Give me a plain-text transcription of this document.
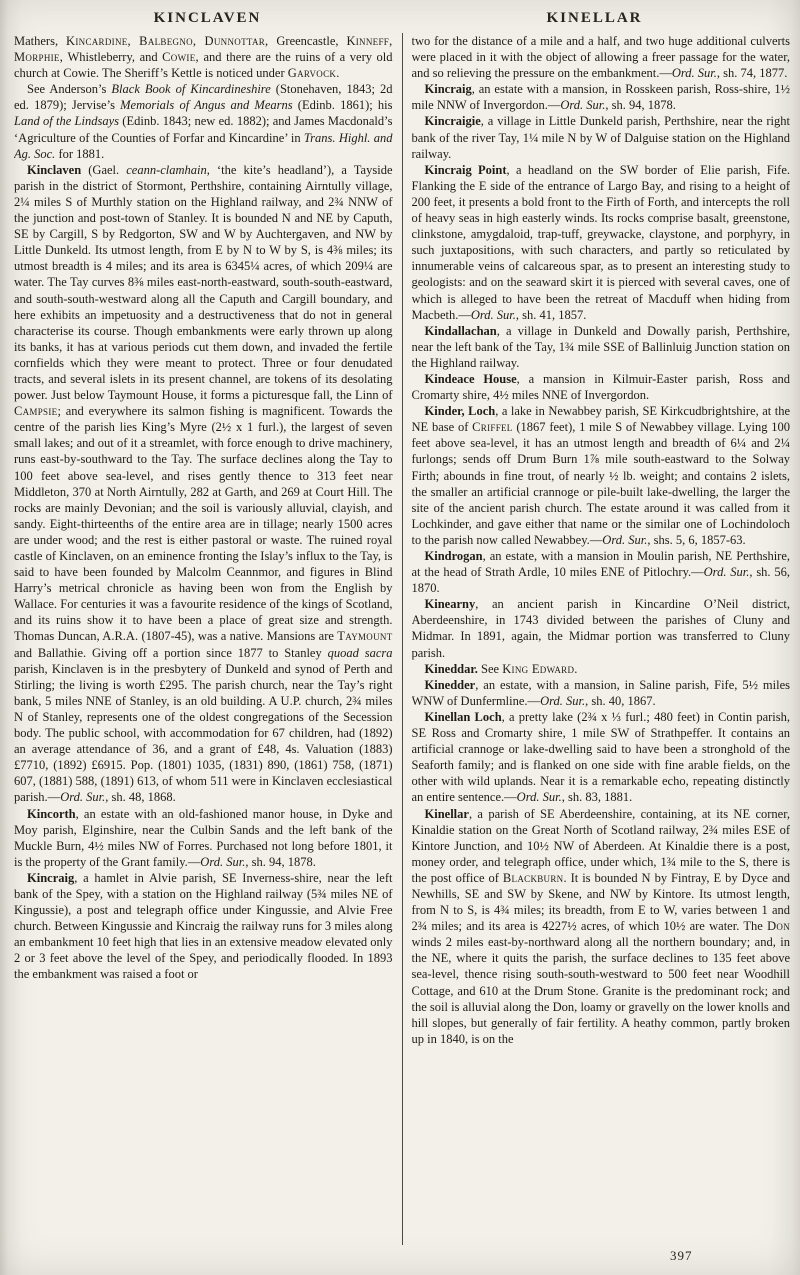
KINCLAVEN	KINELLAR

Mathers, Kincardine, Balbegno, Dunnottar, Greencastle, Kinneff, Morphie, Whistleberry, and Cowie, and there are the ruins of a very old church at Cowie. The Sheriff’s Kettle is noticed under Garvock.

See Anderson’s Black Book of Kincardineshire (Stonehaven, 1843; 2d ed. 1879); Jervise’s Memorials of Angus and Mearns (Edinb. 1861); his Land of the Lindsays (Edinb. 1843; new ed. 1882); and James Macdonald’s ‘Agriculture of the Counties of Forfar and Kincardine’ in Trans. Highl. and Ag. Soc. for 1881.

Kinclaven (Gael. ceann-clamhain, ‘the kite’s headland’), a Tayside parish in the district of Stormont, Perthshire, containing Airntully village, 2¼ miles S of Murthly station on the Highland railway, and 2¾ NNW of the junction and post-town of Stanley. It is bounded N and NE by Caputh, SE by Cargill, S by Redgorton, SW and W by Auchtergaven, and NW by Little Dunkeld. Its utmost length, from E by N to W by S, is 4⅜ miles; its utmost breadth is 4 miles; and its area is 6345¼ acres, of which 209¼ are water. The Tay curves 8⅜ miles east-north-eastward, south-south-eastward, and south-south-westward along all the Caputh and Cargill boundary, and here exhibits an impetuosity and a destructiveness that do not in general characterise its course. Though embankments were early thrown up along its banks, it has at various periods cut them down, and invaded the fertile cornfields which they were meant to protect. Three or four denudated tracts, and several islets in its present channel, are tokens of its desolating power. Just below Taymount House, it forms a picturesque fall, the Linn of Campsie; and everywhere its salmon fishing is magnificent. Towards the centre of the parish lies King’s Myre (2½ x 1 furl.), the largest of seven small lakes; and out of it a streamlet, with force enough to drive machinery, runs east-by-southward to the Tay. The surface declines along the Tay to 100 feet above sea-level, and rises gently thence to 313 feet near Middleton, 370 at North Airntully, 282 at Garth, and 269 at Court Hill. The rocks are mainly Devonian; and the soil is variously alluvial, clayish, and sandy. Eight-thirteenths of the entire area are in tillage; nearly 1500 acres are under wood; and the rest is either pastoral or waste. The ruined royal castle of Kinclaven, on an eminence fronting the Islay’s influx to the Tay, is said to have been founded by Malcolm Ceannmor, and figures in Blind Harry’s metrical chronicle as having been won from the English by Wallace. For centuries it was a favourite residence of the kings of Scotland, and its ruins show it to have been a place of great size and strength. Thomas Duncan, A.R.A. (1807-45), was a native. Mansions are Taymount and Ballathie. Giving off a portion since 1877 to Stanley quoad sacra parish, Kinclaven is in the presbytery of Dunkeld and synod of Perth and Stirling; the living is worth £295. The parish church, near the Tay’s right bank, 5 miles NNE of Stanley, is an old building. A U.P. church, 2¾ miles N of Stanley, represents one of the oldest congregations of the Secession body. The public school, with accommodation for 67 children, had (1892) an average attendance of 36, and a grant of £48, 4s. Valuation (1883) £7710, (1892) £6915. Pop. (1801) 1035, (1831) 890, (1861) 758, (1871) 607, (1881) 588, (1891) 613, of whom 511 were in Kinclaven ecclesiastical parish.—Ord. Sur., sh. 48, 1868.

Kincorth, an estate with an old-fashioned manor house, in Dyke and Moy parish, Elginshire, near the Culbin Sands and the left bank of the Muckle Burn, 4½ miles NW of Forres. Purchased not long before 1801, it is the property of the Grant family.—Ord. Sur., sh. 94, 1878.

Kincraig, a hamlet in Alvie parish, SE Inverness-shire, near the left bank of the Spey, with a station on the Highland railway (5¾ miles NE of Kingussie), a post and telegraph office under Kingussie, and Alvie Free church. Between Kingussie and Kincraig the railway runs for 3 miles along an embankment 10 feet high that lies in an extensive meadow elevated only 2 or 3 feet above the level of the Spey, and periodically flooded. In 1893 the embankment was raised a foot or

two for the distance of a mile and a half, and two huge additional culverts were placed in it with the object of allowing a freer passage for the water, and so relieving the pressure on the embankment.—Ord. Sur., sh. 74, 1877.

Kincraig, an estate with a mansion, in Rosskeen parish, Ross-shire, 1½ mile NNW of Invergordon.—Ord. Sur., sh. 94, 1878.

Kincraigie, a village in Little Dunkeld parish, Perthshire, near the right bank of the river Tay, 1¼ mile N by W of Dalguise station on the Highland railway.

Kincraig Point, a headland on the SW border of Elie parish, Fife. Flanking the E side of the entrance of Largo Bay, and rising to a height of 200 feet, it presents a bold front to the Firth of Forth, and intercepts the roll of heavy seas in high easterly winds. Its rocks comprise basalt, greenstone, clinkstone, amygdaloid, trap-tuff, greywacke, claystone, and porphyry, in such juxtapositions, with such characters, and partly so reticulated by innumerable veins of calcareous spar, as to present an interesting study to geologists: and on the seaward skirt it is pierced with several caves, one of which is alleged to have been the retreat of Macduff when hiding from Macbeth.—Ord. Sur., sh. 41, 1857.

Kindallachan, a village in Dunkeld and Dowally parish, Perthshire, near the left bank of the Tay, 1¾ mile SSE of Ballinluig Junction station on the Highland railway.

Kindeace House, a mansion in Kilmuir-Easter parish, Ross and Cromarty shire, 4½ miles NNE of Invergordon.

Kinder, Loch, a lake in Newabbey parish, SE Kirkcudbrightshire, at the NE base of Criffel (1867 feet), 1 mile S of Newabbey village. Lying 100 feet above sea-level, it has an utmost length and breadth of 6¼ and 2¼ furlongs; sends off Drum Burn 1⅞ mile south-eastward to the Solway Firth; abounds in fine trout, of nearly ½ lb. weight; and contains 2 islets, the smaller an artificial crannoge or pile-built lake-dwelling, the larger the site of the ancient parish church. The estate around it was called from it Lochkinder, and gave either that name or the similar one of Lochindoloch to the parish now called Newabbey.—Ord. Sur., shs. 5, 6, 1857-63.

Kindrogan, an estate, with a mansion in Moulin parish, NE Perthshire, at the head of Strath Ardle, 10 miles ENE of Pitlochry.—Ord. Sur., sh. 56, 1870.

Kinearny, an ancient parish in Kincardine O’Neil district, Aberdeenshire, in 1743 divided between the parishes of Cluny and Midmar. In 1891, again, the Midmar portion was transferred to Cluny parish.

Kineddar. See King Edward.

Kinedder, an estate, with a mansion, in Saline parish, Fife, 5½ miles WNW of Dunfermline.—Ord. Sur., sh. 40, 1867.

Kinellan Loch, a pretty lake (2¾ x ⅓ furl.; 480 feet) in Contin parish, SE Ross and Cromarty shire, 1 mile SW of Strathpeffer. It contains an artificial crannoge or lake-dwelling said to have been a stronghold of the Seaforth family; and is flanked on one side with fine arable fields, on the other with wild uplands. Near it is a remarkable echo, repeating distinctly an entire sentence.—Ord. Sur., sh. 83, 1881.

Kinellar, a parish of SE Aberdeenshire, containing, at its NE corner, Kinaldie station on the Great North of Scotland railway, 2¾ miles ESE of Kintore Junction, and 10½ NW of Aberdeen. At Kinaldie there is a post, money order, and telegraph office, under which, 1¾ mile to the S, there is the post office of Blackburn. It is bounded N by Fintray, E by Dyce and Newhills, SE and SW by Skene, and NW by Kintore. Its utmost length, from N to S, is 4¾ miles; its breadth, from E to W, varies between 1 and 2¾ miles; and its area is 4227½ acres, of which 10½ are water. The Don winds 2 miles east-by-northward along all the northern boundary; and, in the NE, where it quits the parish, the surface declines to 135 feet above sea-level, thence rising south-south-westward to 500 feet near Woodhill Cottage, and 610 at the Drum Stone. Granite is the predominant rock; and the soil is alluvial along the Don, loamy or gravelly on the lower knolls and hill slopes, but generally of fair fertility. A heathy common, partly broken up in 1840, is on the

397
